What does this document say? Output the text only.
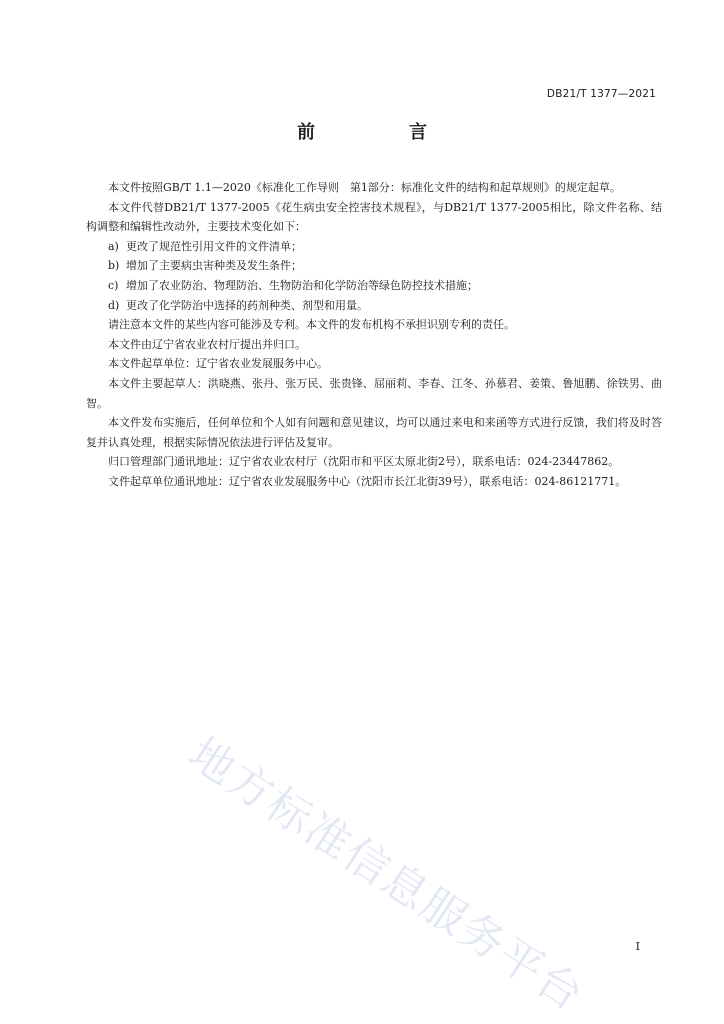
DB21/T 1377—2021
前　言

本文件按照GB/T 1.1—2020《标准化工作导则　第1部分：标准化文件的结构和起草规则》的规定起草。

本文件代替DB21/T 1377-2005《花生病虫安全控害技术规程》，与DB21/T 1377-2005相比，除文件名称、结构调整和编辑性改动外，主要技术变化如下：

a) 更改了规范性引用文件的文件清单；

b) 增加了主要病虫害种类及发生条件；

c) 增加了农业防治、物理防治、生物防治和化学防治等绿色防控技术措施；

d) 更改了化学防治中选择的药剂种类、剂型和用量。

请注意本文件的某些内容可能涉及专利。本文件的发布机构不承担识别专利的责任。

本文件由辽宁省农业农村厅提出并归口。

本文件起草单位：辽宁省农业发展服务中心。

本文件主要起草人：洪晓燕、张丹、张万民、张贵锋、屈丽莉、李春、江冬、孙慕君、姜策、鲁旭鹏、徐铁男、曲智。

本文件发布实施后，任何单位和个人如有问题和意见建议，均可以通过来电和来函等方式进行反馈，我们将及时答复并认真处理，根据实际情况依法进行评估及复审。

归口管理部门通讯地址：辽宁省农业农村厅（沈阳市和平区太原北街2号），联系电话：024-23447862。

文件起草单位通讯地址：辽宁省农业发展服务中心（沈阳市长江北街39号），联系电话：024-86121771。

地方标准信息服务平台	I
